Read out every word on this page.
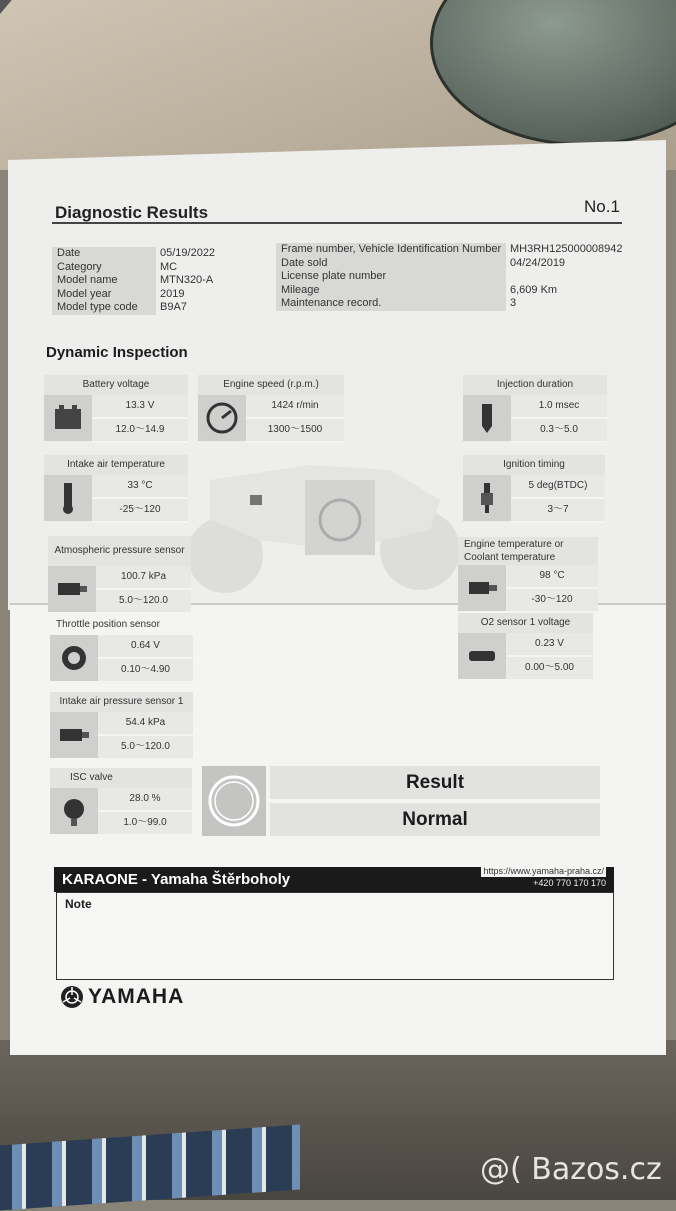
Diagnostic Results	No.1
Date	05/19/2022
Category	MC
Model name	MTN320-A
Model year	2019
Model type code	B9A7
Frame number, Vehicle Identification Number MH3RH125000008942
Date sold	04/24/2019
License plate number
Mileage	6,609 Km
Maintenance record.	3
Dynamic Inspection
Battery voltage
13.3 V
12.0～14.9
Engine speed (r.p.m.)
1424 r/min
1300～1500
Injection duration
1.0 msec
0.3～5.0
Intake air temperature
33 °C
-25～120
Ignition timing
5 deg(BTDC)
3～7
Atmospheric pressure sensor
100.7 kPa
5.0～120.0
Engine temperature or Coolant temperature
98 °C
-30～120
Throttle position sensor
0.64 V
0.10～4.90
O2 sensor 1 voltage
0.23 V
0.00～5.00
Intake air pressure sensor 1
54.4 kPa
5.0～120.0
ISC valve
28.0 %
1.0～99.0
Result
Normal
KARAONE - Yamaha Štěrboholy	https://www.yamaha-praha.cz/
+420 770 170 170
Note
YAMAHA
@( Bazos.cz
